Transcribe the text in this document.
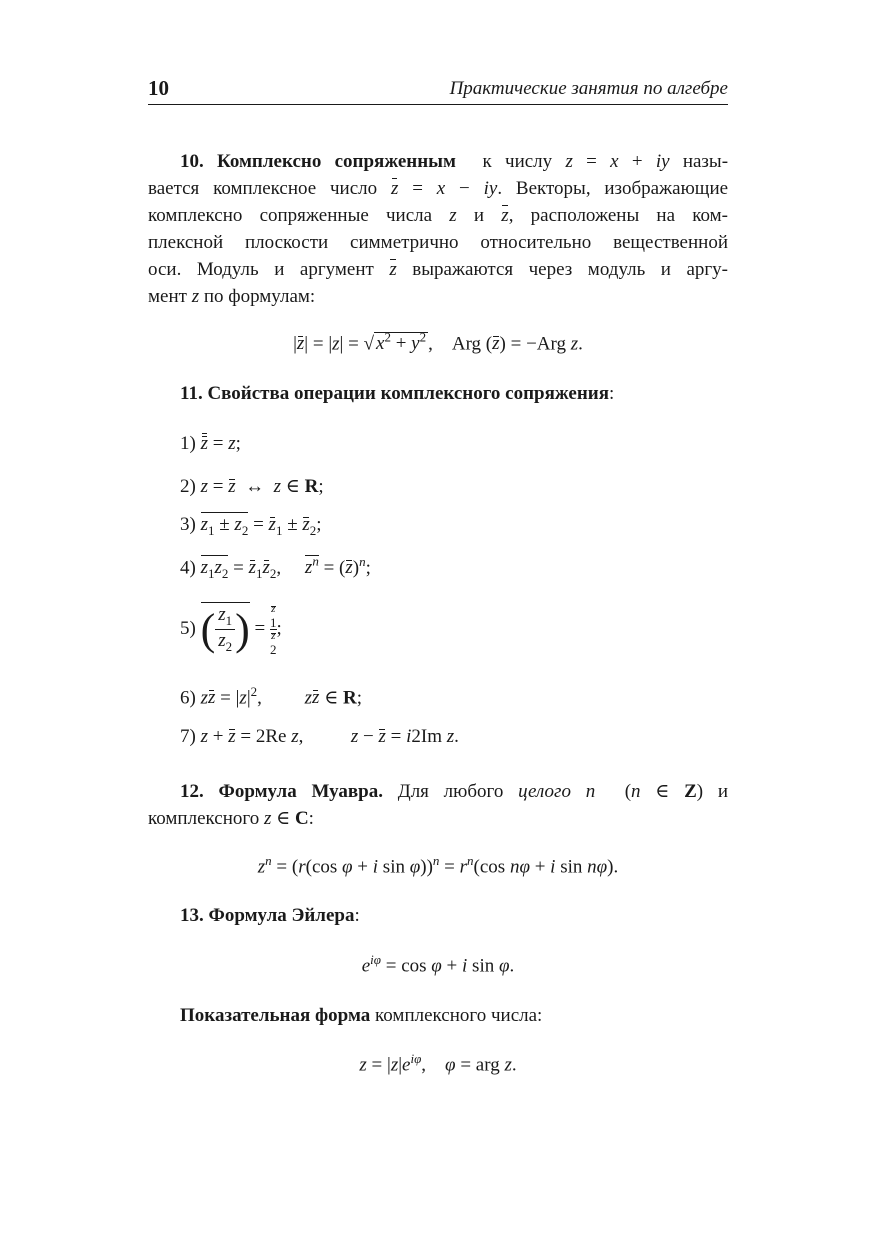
10	Практические занятия по алгебре
10. Комплексно сопряженным к числу z = x + iy назы-
вается комплексное число z = x − iy. Векторы, изображающие
комплексно сопряженные числа z и z, расположены на ком-
плексной плоскости симметрично относительно вещественной
оси. Модуль и аргумент z выражаются через модуль и аргу-
мент z по формулам:
|z| = |z| = √ $x^2 + y^2$ ,    Arg (z) = −Arg z.
11. Свойства операции комплексного сопряжения:
1) z = z;
2) z = z  ↔  z ∈ R;
3) $z_1 \pm z_2 = z_1 \pm z_2$;
4) $z_1z_2 = z_1z_2$,     $z^n = (z)^n$;
5) ( $\frac{z_1}{z_2}$ ) = z
$_1$
z
$_2$ ;
6) zz = $|z|^2$,         zz ∈ R;
7) z + z = 2Re z,          z − z = i2Im z.
12. Формула Муавра. Для любого целого n  (n ∈ Z) и
комплексного z ∈ C:
$z^n = (r(\cos$ φ + i $\sin \varphi))^n = r^n(\cos$ nφ + i sin nφ).
13. Формула Эйлера:
$e^{i\varphi} = \cos \varphi + i$ sin φ.
Показательная форма комплексного числа:
$z = |z|e^{i\varphi}$,    φ = arg z.
